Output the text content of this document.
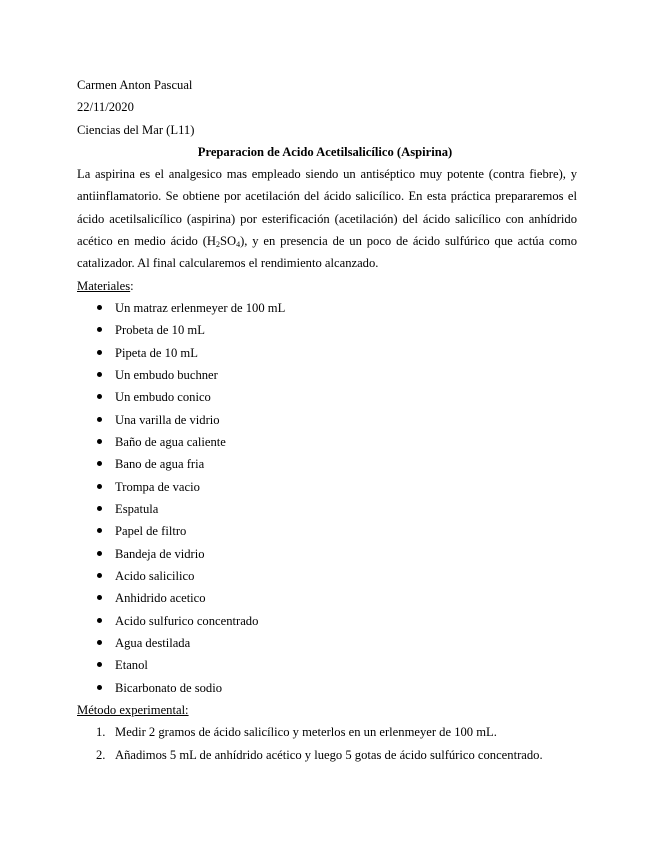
Carmen Anton Pascual
22/11/2020
Ciencias del Mar (L11)
Preparacion de Acido Acetilsalicílico (Aspirina)
La aspirina es el analgesico mas empleado siendo un antiséptico muy potente (contra fiebre), y antiinflamatorio. Se obtiene por acetilación del ácido salicílico. En esta práctica prepararemos el ácido acetilsalicílico (aspirina) por esterificación (acetilación) del ácido salicílico con anhídrido acético en medio ácido $(H_2SO_4)$, y en presencia de un poco de ácido sulfúrico que actúa como catalizador. Al final calcularemos el rendimiento alcanzado.
Materiales:
Un matraz erlenmeyer de 100 mL
Probeta de 10 mL
Pipeta de 10 mL
Un embudo buchner
Un embudo conico
Una varilla de vidrio
Baño de agua caliente
Bano de agua fria
Trompa de vacio
Espatula
Papel de filtro
Bandeja de vidrio
Acido salicilico
Anhidrido acetico
Acido sulfurico concentrado
Agua destilada
Etanol
Bicarbonato de sodio
Método experimental:
1. Medir 2 gramos de ácido salicílico y meterlos en un erlenmeyer de 100 mL.
2. Añadimos 5 mL de anhídrido acético y luego 5 gotas de ácido sulfúrico concentrado.
